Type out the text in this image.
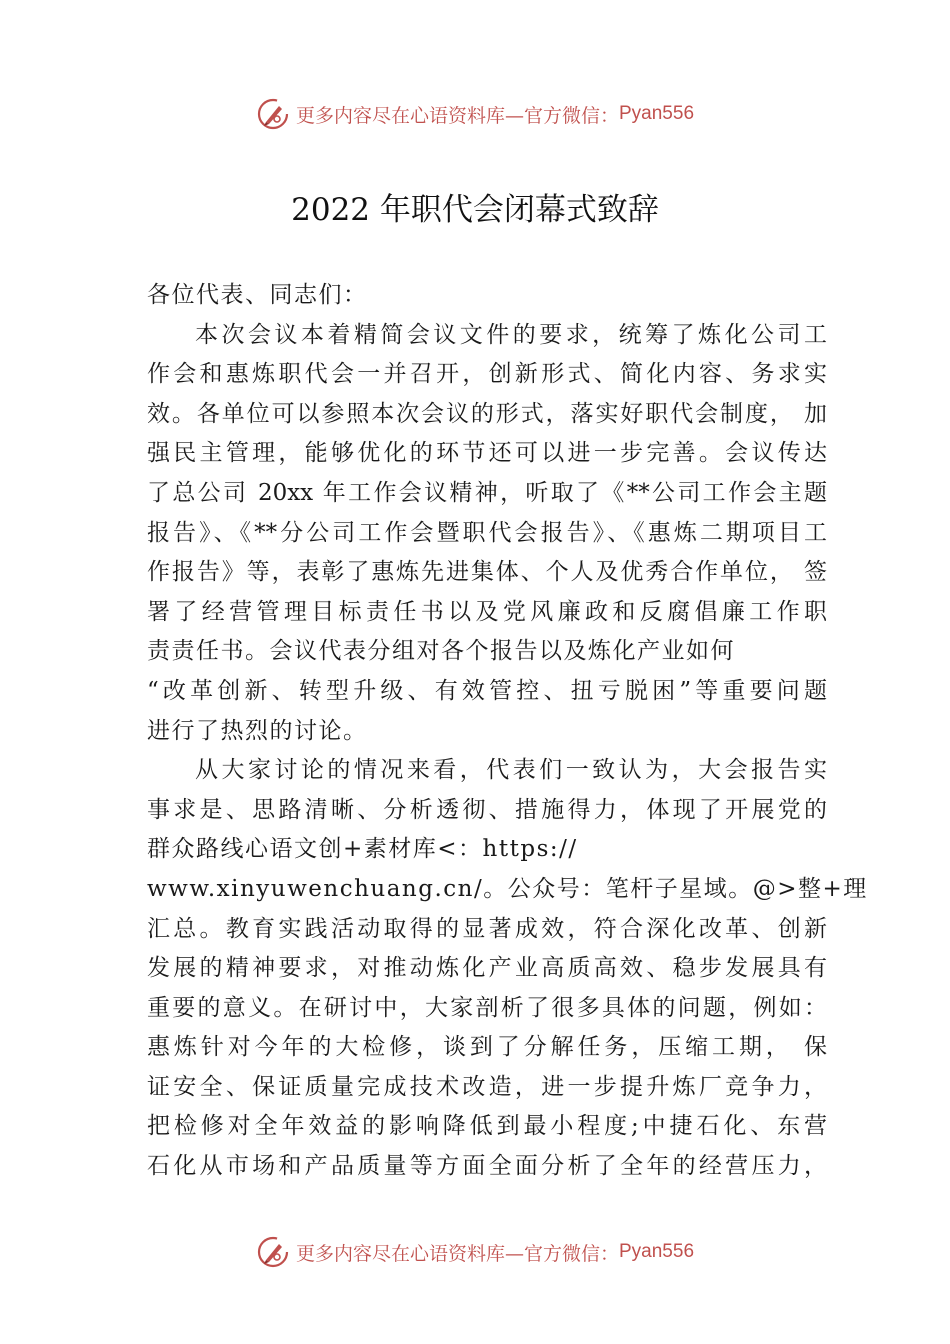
更多内容尽在心语资料库—官方微信： Pyan556
2022 年职代会闭幕式致辞
各位代表、同志们：
本次会议本着精简会议文件的要求，统筹了炼化公司工
作会和惠炼职代会一并召开，创新形式、简化内容、务求实
效。各单位可以参照本次会议的形式，落实好职代会制度， 加
强民主管理，能够优化的环节还可以进一步完善。会议传达
了总公司 20xx 年工作会议精神，听取了《**公司工作会主题
报告》、《**分公司工作会暨职代会报告》、《惠炼二期项目工
作报告》等，表彰了惠炼先进集体、个人及优秀合作单位， 签
署了经营管理目标责任书以及党风廉政和反腐倡廉工作职
责责任书。会议代表分组对各个报告以及炼化产业如何
“改革创新、转型升级、有效管控、扭亏脱困”等重要问题
进行了热烈的讨论。
从大家讨论的情况来看，代表们一致认为，大会报告实
事求是、思路清晰、分析透彻、措施得力，体现了开展党的
群众路线心语文创+素材库<：https://
www.xinyuwenchuang.cn/。公众号：笔杆子星域。@>整+理
汇总。教育实践活动取得的显著成效，符合深化改革、创新
发展的精神要求，对推动炼化产业高质高效、稳步发展具有
重要的意义。在研讨中，大家剖析了很多具体的问题，例如：
惠炼针对今年的大检修，谈到了分解任务，压缩工期， 保
证安全、保证质量完成技术改造，进一步提升炼厂竞争力，
把检修对全年效益的影响降低到最小程度;中捷石化、东营
石化从市场和产品质量等方面全面分析了全年的经营压力，
更多内容尽在心语资料库—官方微信： Pyan556
